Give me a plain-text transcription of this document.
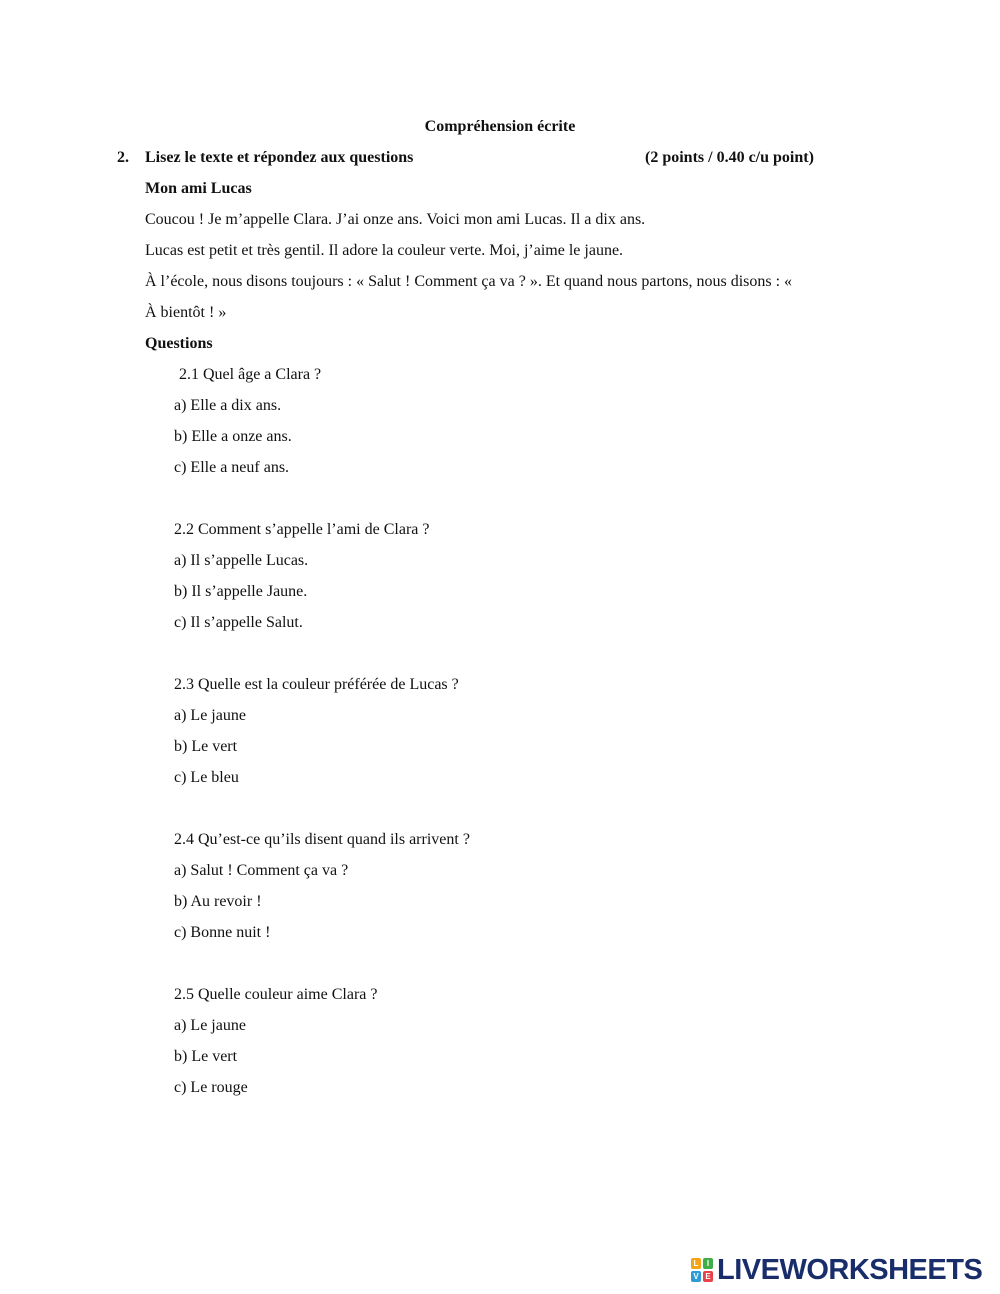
Compréhension écrite
2. Lisez le texte et répondez aux questions	(2 points / 0.40 c/u point)
Mon ami Lucas
Coucou ! Je m’appelle Clara. J’ai onze ans. Voici mon ami Lucas. Il a dix ans.
Lucas est petit et très gentil. Il adore la couleur verte. Moi, j’aime le jaune.
À l’école, nous disons toujours : « Salut ! Comment ça va ? ». Et quand nous partons, nous disons : «
À bientôt ! »
Questions
2.1 Quel âge a Clara ?
a) Elle a dix ans.
b) Elle a onze ans.
c) Elle a neuf ans.
2.2 Comment s’appelle l’ami de Clara ?
a) Il s’appelle Lucas.
b) Il s’appelle Jaune.
c) Il s’appelle Salut.
2.3 Quelle est la couleur préférée de Lucas ?
a) Le jaune
b) Le vert
c) Le bleu
2.4 Qu’est-ce qu’ils disent quand ils arrivent ?
a) Salut ! Comment ça va ?
b) Au revoir !
c) Bonne nuit !
2.5 Quelle couleur aime Clara ?
a) Le jaune
b) Le vert
c) Le rouge
L	I
V E LIVEWORKSHEETS
